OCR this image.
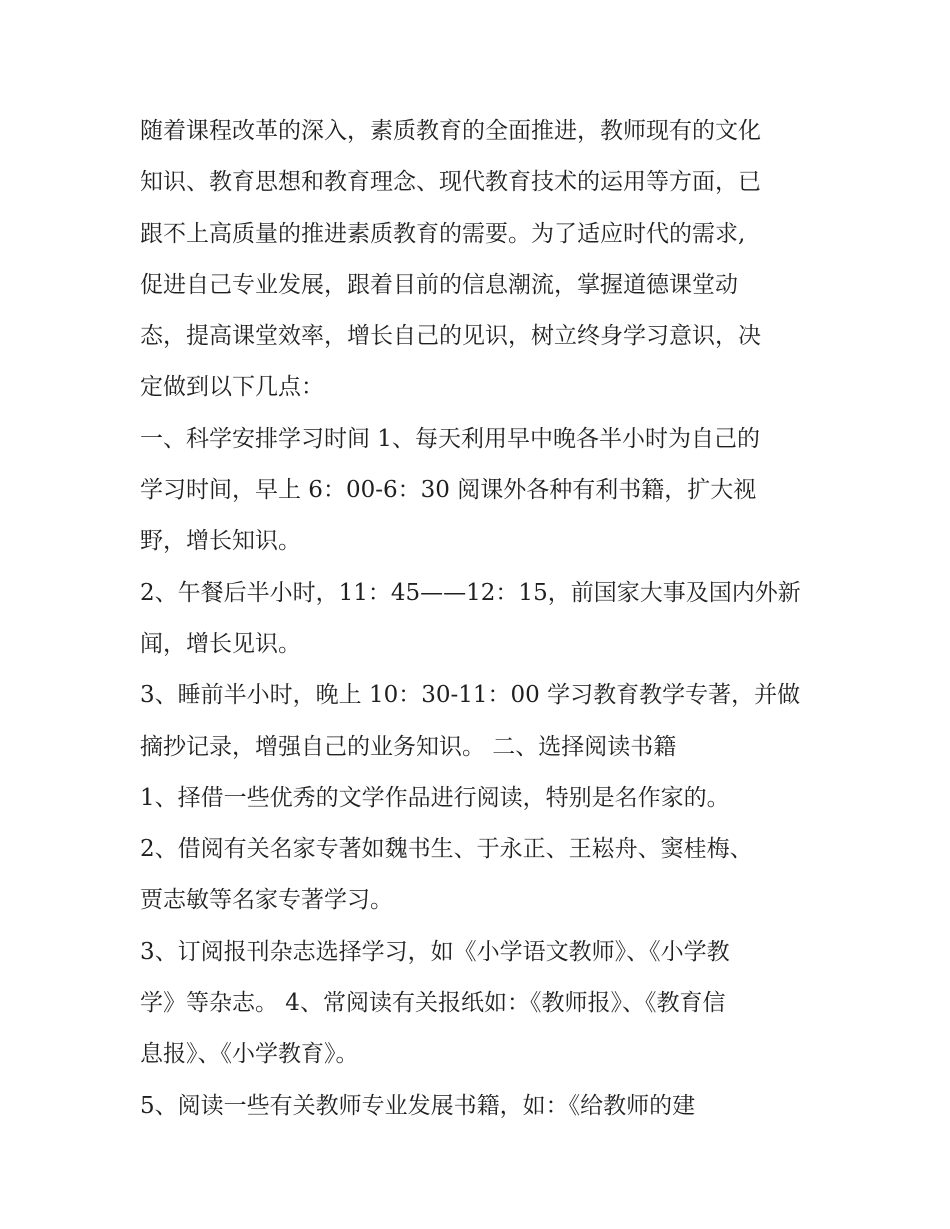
随着课程改革的深入，素质教育的全面推进，教师现有的文化
知识、教育思想和教育理念、现代教育技术的运用等方面，已
跟不上高质量的推进素质教育的需要。为了适应时代的需求,
促进自己专业发展，跟着目前的信息潮流，掌握道德课堂动
态，提高课堂效率，增长自己的见识，树立终身学习意识，决
定做到以下几点：
一、科学安排学习时间 1、每天利用早中晚各半小时为自己的
学习时间，早上 6：00-6：30 阅课外各种有利书籍，扩大视
野，增长知识。
2、午餐后半小时，11：45——12：15，前国家大事及国内外新
闻，增长见识。
3、睡前半小时，晚上 10：30-11：00 学习教育教学专著，并做
摘抄记录，增强自己的业务知识。 二、选择阅读书籍
1、择借一些优秀的文学作品进行阅读，特别是名作家的。
2、借阅有关名家专著如魏书生、于永正、王崧舟、窦桂梅、
贾志敏等名家专著学习。
3、订阅报刊杂志选择学习，如《小学语文教师》、《小学教
学》等杂志。 4、常阅读有关报纸如：《教师报》、《教育信
息报》、《小学教育》。
5、阅读一些有关教师专业发展书籍，如：《给教师的建
